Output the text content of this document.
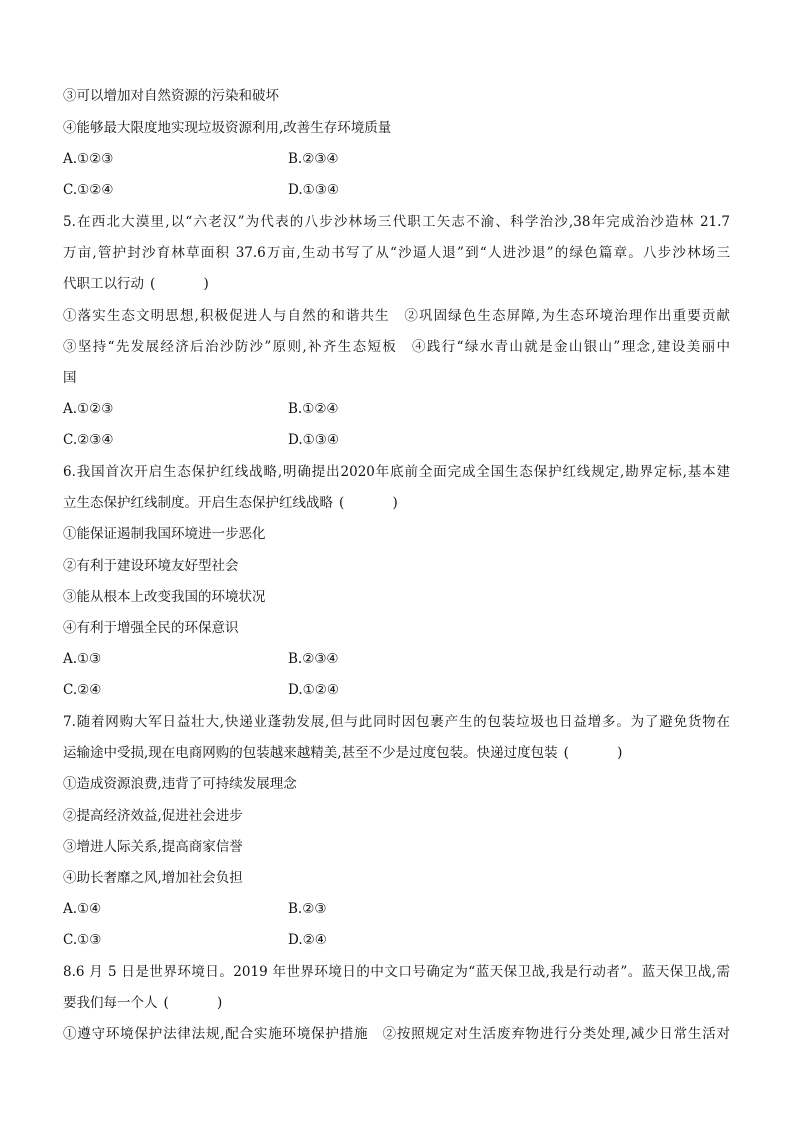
③可以增加对自然资源的污染和破坏
④能够最大限度地实现垃圾资源利用,改善生存环境质量
A.①②③	B.②③④
C.①②④	D.①③④
5.在西北大漠里,以“六老汉”为代表的八步沙林场三代职工矢志不渝、科学治沙,38年完成治沙造林 21.7
万亩,管护封沙育林草面积 37.6万亩,生动书写了从“沙逼人退”到“人进沙退”的绿色篇章。八步沙林场三
代职工以行动 ( )
①落实生态文明思想,积极促进人与自然的和谐共生　②巩固绿色生态屏障,为生态环境治理作出重要贡献
③坚持“先发展经济后治沙防沙”原则,补齐生态短板　④践行“绿水青山就是金山银山”理念,建设美丽中
国
A.①②③	B.①②④
C.②③④	D.①③④
6.我国首次开启生态保护红线战略,明确提出2020年底前全面完成全国生态保护红线规定,勘界定标,基本建
立生态保护红线制度。开启生态保护红线战略 ( )
①能保证遏制我国环境进一步恶化
②有利于建设环境友好型社会
③能从根本上改变我国的环境状况
④有利于增强全民的环保意识
A.①③	B.②③④
C.②④	D.①②④
7.随着网购大军日益壮大,快递业蓬勃发展,但与此同时因包裹产生的包装垃圾也日益增多。为了避免货物在
运输途中受损,现在电商网购的包装越来越精美,甚至不少是过度包装。快递过度包装 ( )
①造成资源浪费,违背了可持续发展理念
②提高经济效益,促进社会进步
③增进人际关系,提高商家信誉
④助长奢靡之风,增加社会负担
A.①④	B.②③
C.①③	D.②④
8.6 月 5 日是世界环境日。2019 年世界环境日的中文口号确定为“蓝天保卫战,我是行动者”。蓝天保卫战,需
要我们每一个人 ( )
①遵守环境保护法律法规,配合实施环境保护措施　②按照规定对生活废弃物进行分类处理,减少日常生活对
